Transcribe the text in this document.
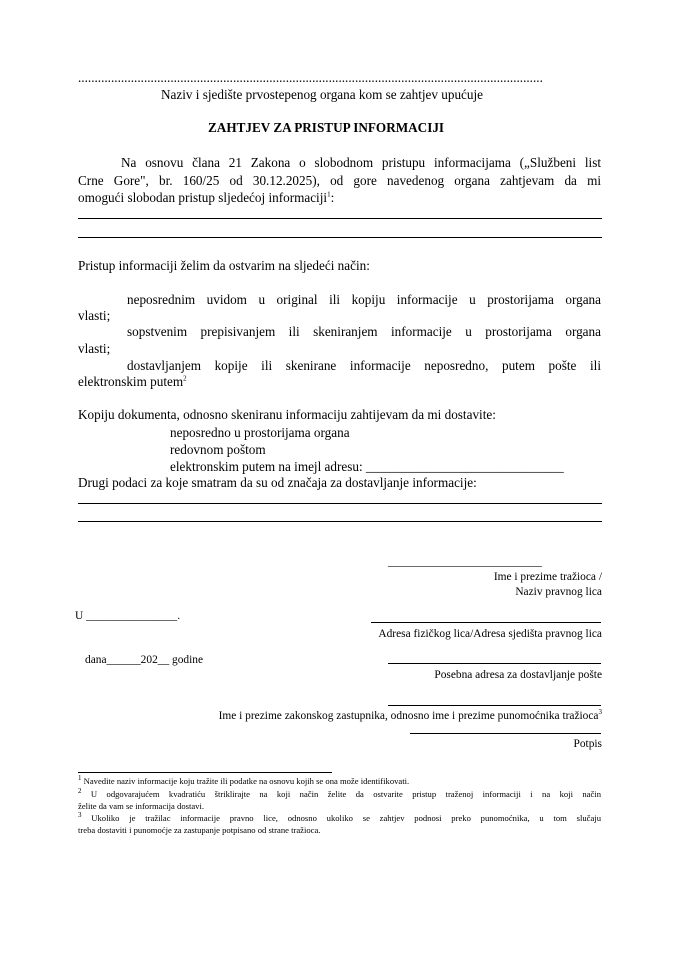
.............................................................................................................................................
Naziv i sjedište prvostepenog organa kom se zahtjev upućuje
ZAHTJEV ZA PRISTUP INFORMACIJI
Na osnovu člana 21 Zakona o slobodnom pristupu informacijama („Službeni list
Crne Gore", br. 160/25 od 30.12.2025), od gore navedenog organa zahtjevam da mi
omogući slobodan pristup sljedećoj informaciji$^1$:
Pristup informaciji želim da ostvarim na sljedeći način:
neposrednim uvidom u original ili kopiju informacije u prostorijama organa
vlasti;
sopstvenim prepisivanjem ili skeniranjem informacije u prostorijama organa
vlasti;
dostavljanjem kopije ili skenirane informacije neposredno, putem pošte ili
elektronskim putem$^2$
Kopiju dokumenta, odnosno skeniranu informaciju zahtijevam da mi dostavite:
neposredno u prostorijama organa
redovnom poštom
elektronskim putem na imejl adresu: ______________________________
Drugi podaci za koje smatram da su od značaja za dostavljanje informacije:
___________________________
Ime i prezime tražioca /
Naziv pravnog lica
U ________________.
Adresa fizičkog lica/Adresa sjedišta pravnog lica
dana______202__ godine
Posebna adresa za dostavljanje pošte
Ime i prezime zakonskog zastupnika, odnosno ime i prezime punomoćnika tražioca$^3$
Potpis
$^1$ Navedite naziv informacije koju tražite ili podatke na osnovu kojih se ona može identifikovati.
$^2$ U odgovarajućem kvadratiću štriklirajte na koji način želite da ostvarite pristup traženoj informaciji i na koji način
želite da vam se informacija dostavi.
$^3$ Ukoliko je tražilac informacije pravno lice, odnosno ukoliko se zahtjev podnosi preko punomoćnika, u tom slučaju
treba dostaviti i punomoćje za zastupanje potpisano od strane tražioca.
